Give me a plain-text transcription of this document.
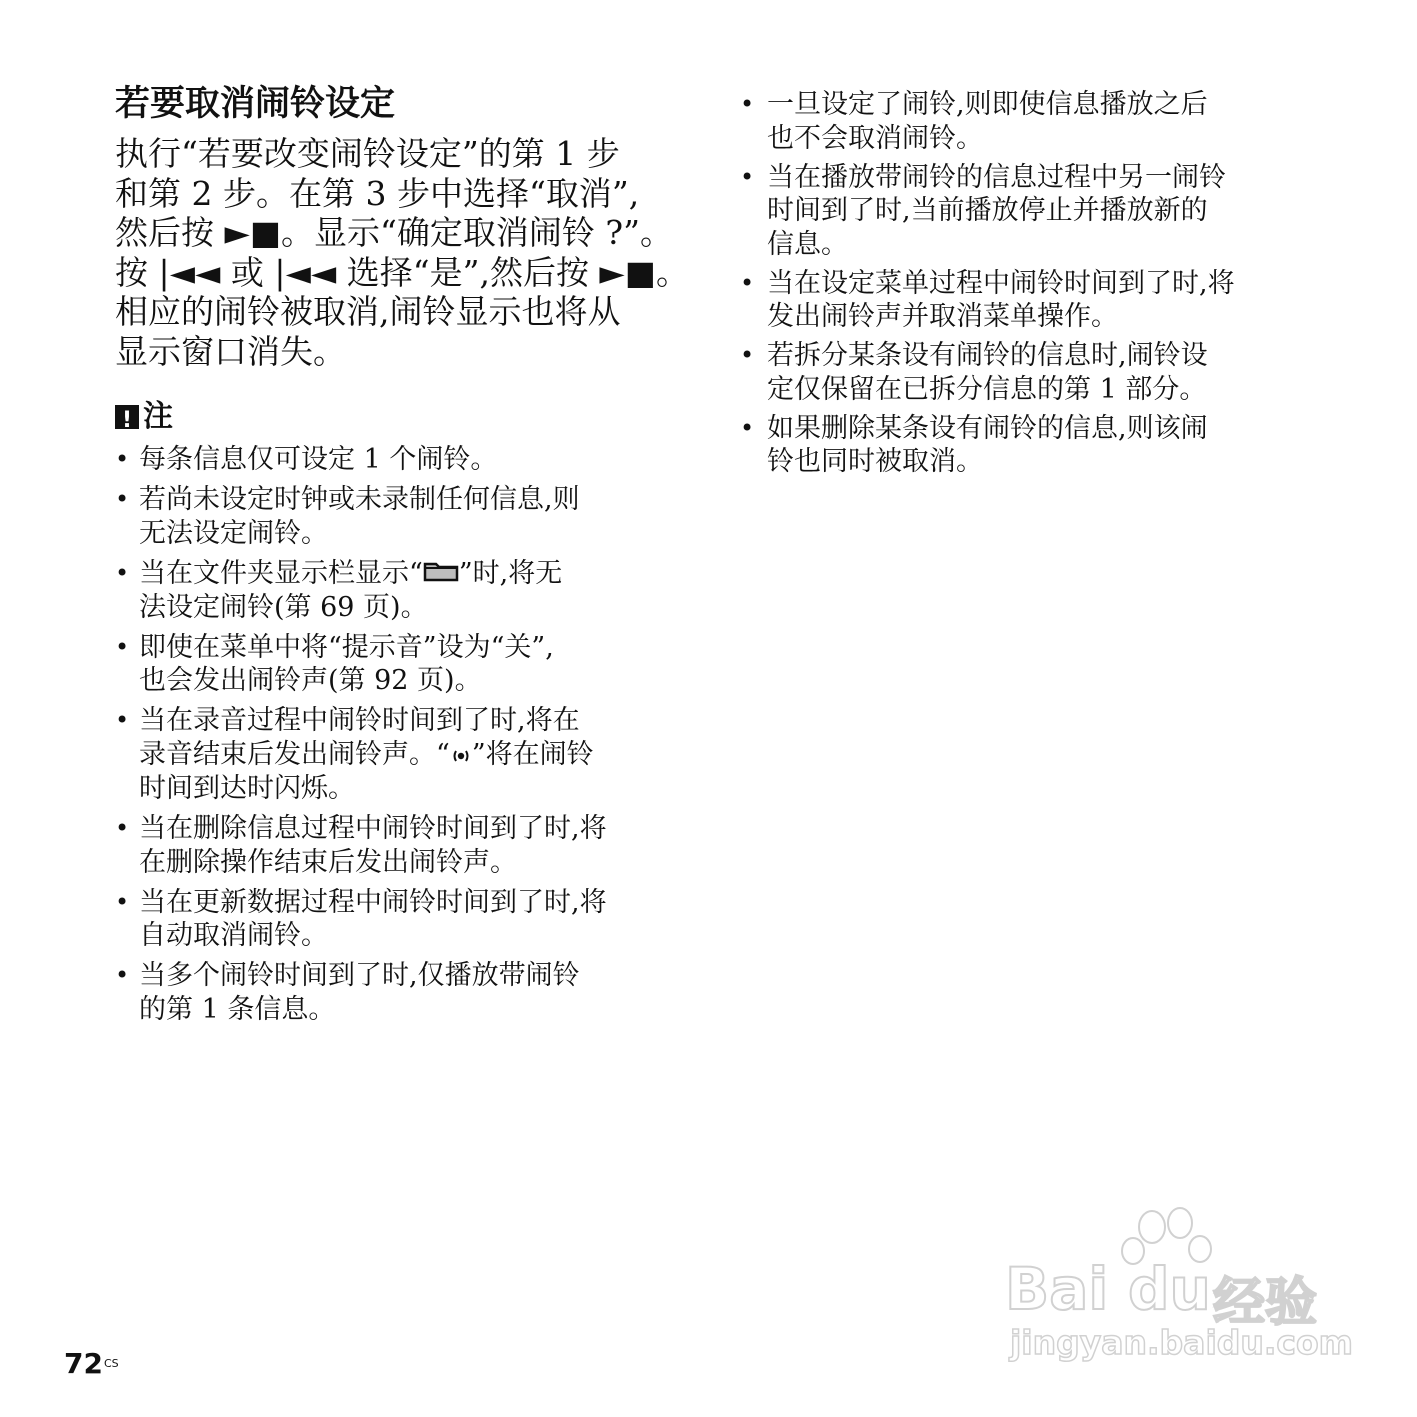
若要取消闹铃设定
执行“若要改变闹铃设定”的第 1 步
和第 2 步。在第 3 步中选择“取消”,
然后按 ►■。显示“确定取消闹铃 ?”。
按 |◄◄ 或 |◄◄ 选择“是”,然后按 ►■。
相应的闹铃被取消,闹铃显示也将从
显示窗口消失。
!
注
• 每条信息仅可设定 1 个闹铃。
• 若尚未设定时钟或未录制任何信息,则
无法设定闹铃。
• 当在文件夹显示栏显示“ ”时,将无
法设定闹铃(第 69 页)。
• 即使在菜单中将“提示音”设为“关”,
也会发出闹铃声(第 92 页)。
• 当在录音过程中闹铃时间到了时,将在
录音结束后发出闹铃声。“ ”将在闹铃
时间到达时闪烁。
• 当在删除信息过程中闹铃时间到了时,将
在删除操作结束后发出闹铃声。
• 当在更新数据过程中闹铃时间到了时,将
自动取消闹铃。
• 当多个闹铃时间到了时,仅播放带闹铃
的第 1 条信息。
• 一旦设定了闹铃,则即使信息播放之后
也不会取消闹铃。
• 当在播放带闹铃的信息过程中另一闹铃
时间到了时,当前播放停止并播放新的
信息。
• 当在设定菜单过程中闹铃时间到了时,将
发出闹铃声并取消菜单操作。
• 若拆分某条设有闹铃的信息时,闹铃设
定仅保留在已拆分信息的第 1 部分。
• 如果删除某条设有闹铃的信息,则该闹
铃也同时被取消。
$72^{CS}$
Bai du 经验
jingyan.baidu.com
